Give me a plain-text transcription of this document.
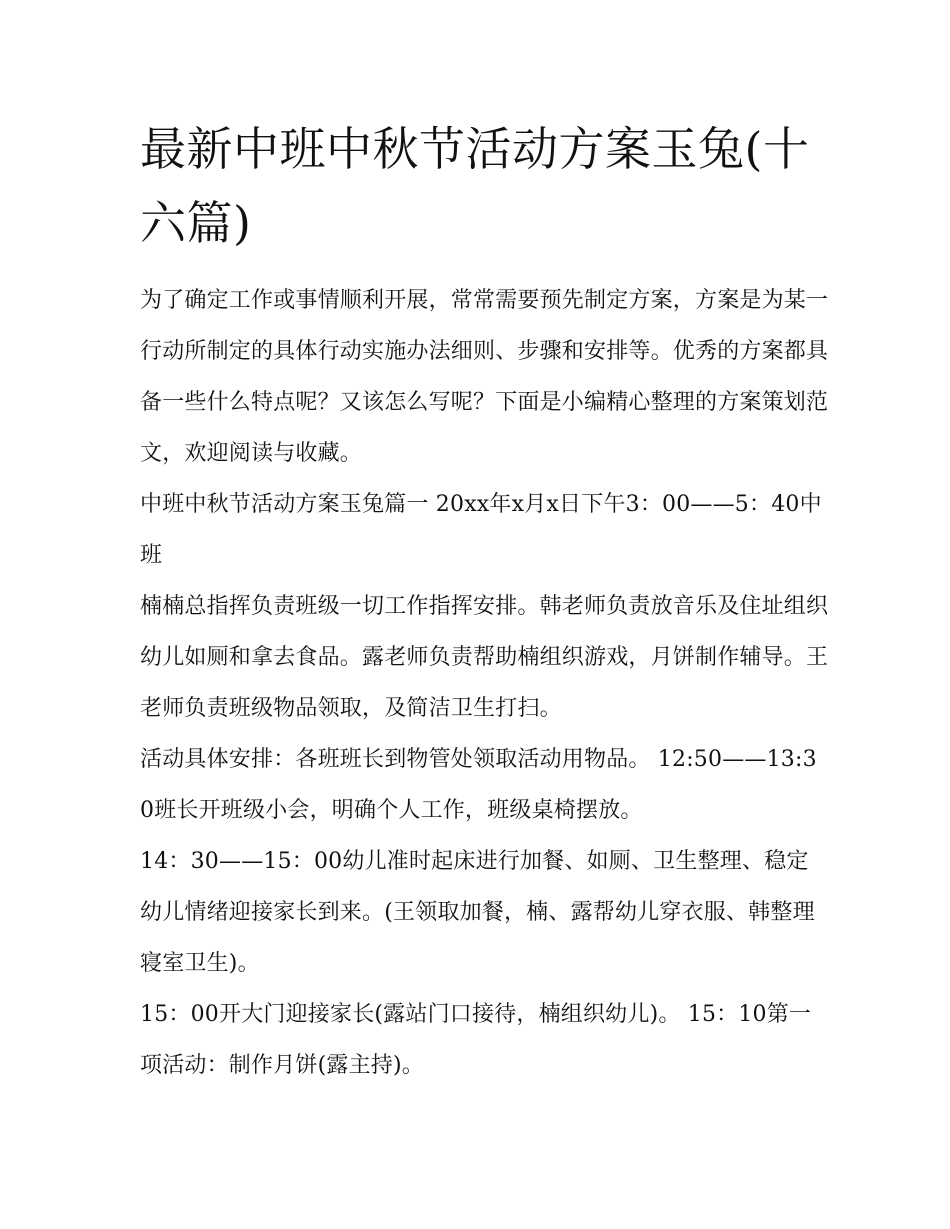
最新中班中秋节活动方案玉兔(十六篇)

为了确定工作或事情顺利开展，常常需要预先制定方案，方案是为某一行动所制定的具体行动实施办法细则、步骤和安排等。优秀的方案都具备一些什么特点呢？又该怎么写呢？下面是小编精心整理的方案策划范文，欢迎阅读与收藏。

中班中秋节活动方案玉兔篇一 20xx年x月x日下午3：00——5：40中班

楠楠总指挥负责班级一切工作指挥安排。韩老师负责放音乐及住址组织幼儿如厕和拿去食品。露老师负责帮助楠组织游戏，月饼制作辅导。王老师负责班级物品领取，及简洁卫生打扫。

活动具体安排：各班班长到物管处领取活动用物品。 12:50——13:30班长开班级小会，明确个人工作，班级桌椅摆放。

14：30——15：00幼儿准时起床进行加餐、如厕、卫生整理、稳定幼儿情绪迎接家长到来。(王领取加餐，楠、露帮幼儿穿衣服、韩整理寝室卫生)。

15：00开大门迎接家长(露站门口接待，楠组织幼儿)。 15：10第一项活动：制作月饼(露主持)。
